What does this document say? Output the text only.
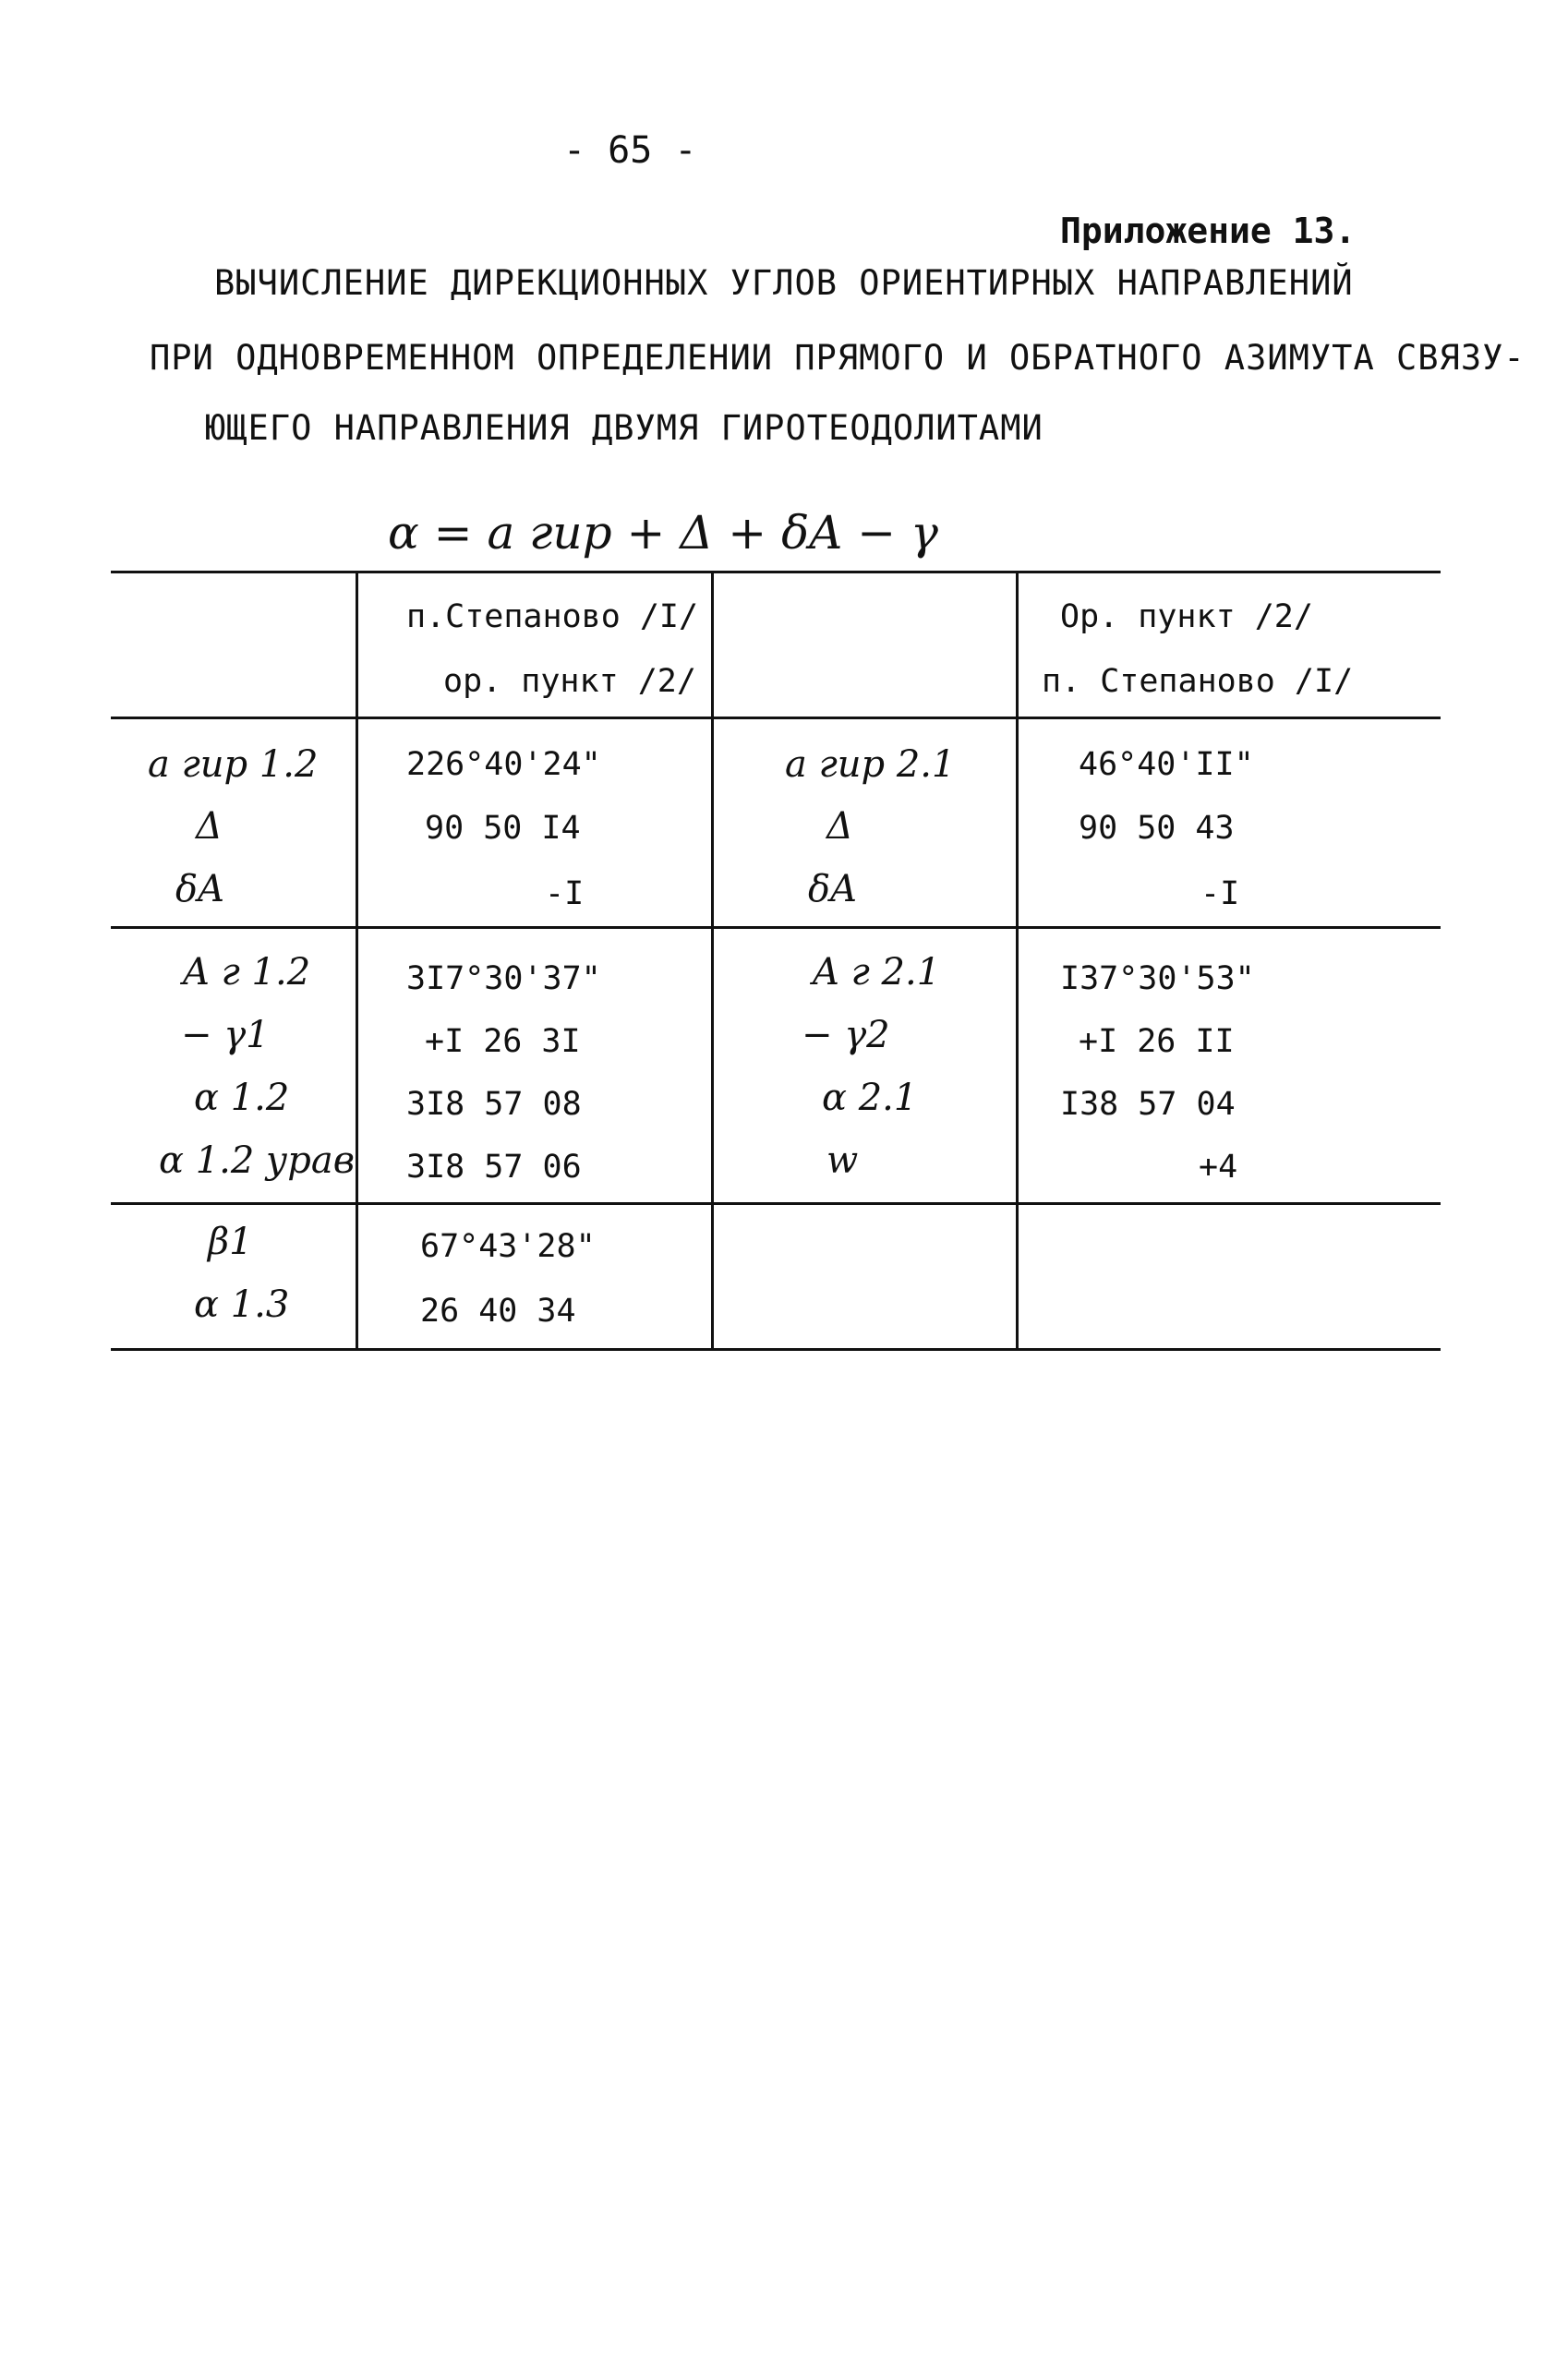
- 65 -
Приложение 13.
ВЫЧИСЛЕНИЕ ДИРЕКЦИОННЫХ УГЛОВ ОРИЕНТИРНЫХ НАПРАВЛЕНИЙ
ПРИ ОДНОВРЕМЕННОМ ОПРЕДЕЛЕНИИ ПРЯМОГО И ОБРАТНОГО АЗИМУТА СВЯЗУ-
ЮЩЕГО НАПРАВЛЕНИЯ ДВУМЯ ГИРОТЕОДОЛИТАМИ
α = a гир + Δ + δA − γ
п.Степаново /I/
ор. пункт /2/
Ор. пункт /2/
п. Степаново /I/
a гир 1.2
Δ
δA
226°40'24"
90 50 I4
-I
a гир 2.1
Δ
δA
46°40'II"
90 50 43
-I
A г 1.2
− γ1
α 1.2
α 1.2 урав
3I7°30'37"
+I 26 3I
3I8 57 08
3I8 57 06
A г 2.1
− γ2
α 2.1
w
I37°30'53"
+I 26 II
I38 57 04
+4
β1
α 1.3
67°43'28"
26 40 34
